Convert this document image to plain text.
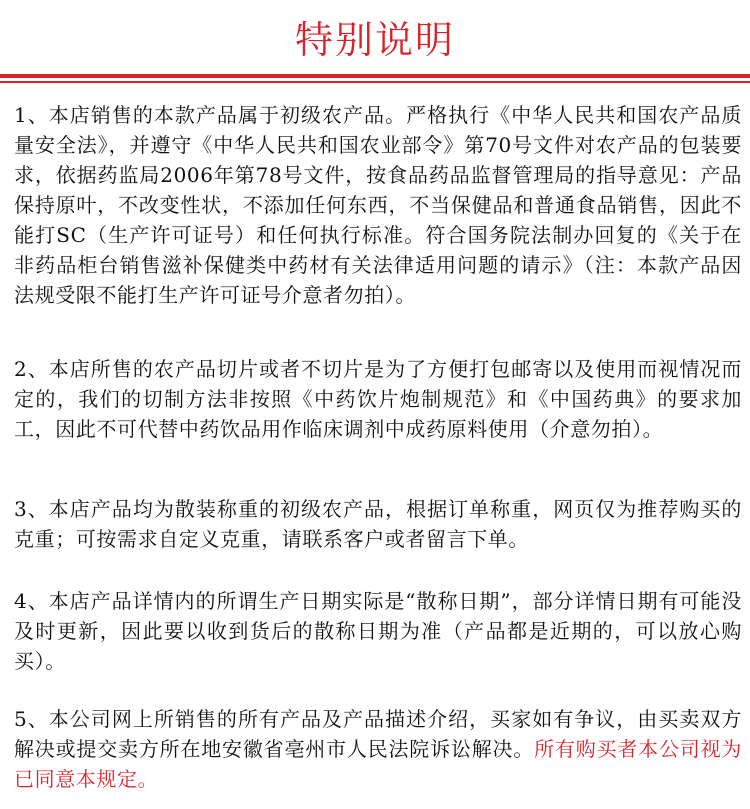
特别说明

1、本店销售的本款产品属于初级农产品。严格执行《中华人民共和国农产品质量安全法》，并遵守《中华人民共和国农业部令》第70号文件对农产品的包装要求，依据药监局2006年第78号文件，按食品药品监督管理局的指导意见：产品保持原叶，不改变性状，不添加任何东西，不当保健品和普通食品销售，因此不能打SC（生产许可证号）和任何执行标准。符合国务院法制办回复的《关于在非药品柜台销售滋补保健类中药材有关法律适用问题的请示》（注：本款产品因法规受限不能打生产许可证号介意者勿拍）。

2、本店所售的农产品切片或者不切片是为了方便打包邮寄以及使用而视情况而定的，我们的切制方法非按照《中药饮片炮制规范》和《中国药典》的要求加工，因此不可代替中药饮品用作临床调剂中成药原料使用（介意勿拍）。

3、本店产品均为散装称重的初级农产品，根据订单称重，网页仅为推荐购买的克重；可按需求自定义克重，请联系客户或者留言下单。

4、本店产品详情内的所谓生产日期实际是“散称日期”，部分详情日期有可能没及时更新，因此要以收到货后的散称日期为准（产品都是近期的，可以放心购买）。

5、本公司网上所销售的所有产品及产品描述介绍，买家如有争议，由买卖双方解决或提交卖方所在地安徽省亳州市人民法院诉讼解决。所有购买者本公司视为已同意本规定。
